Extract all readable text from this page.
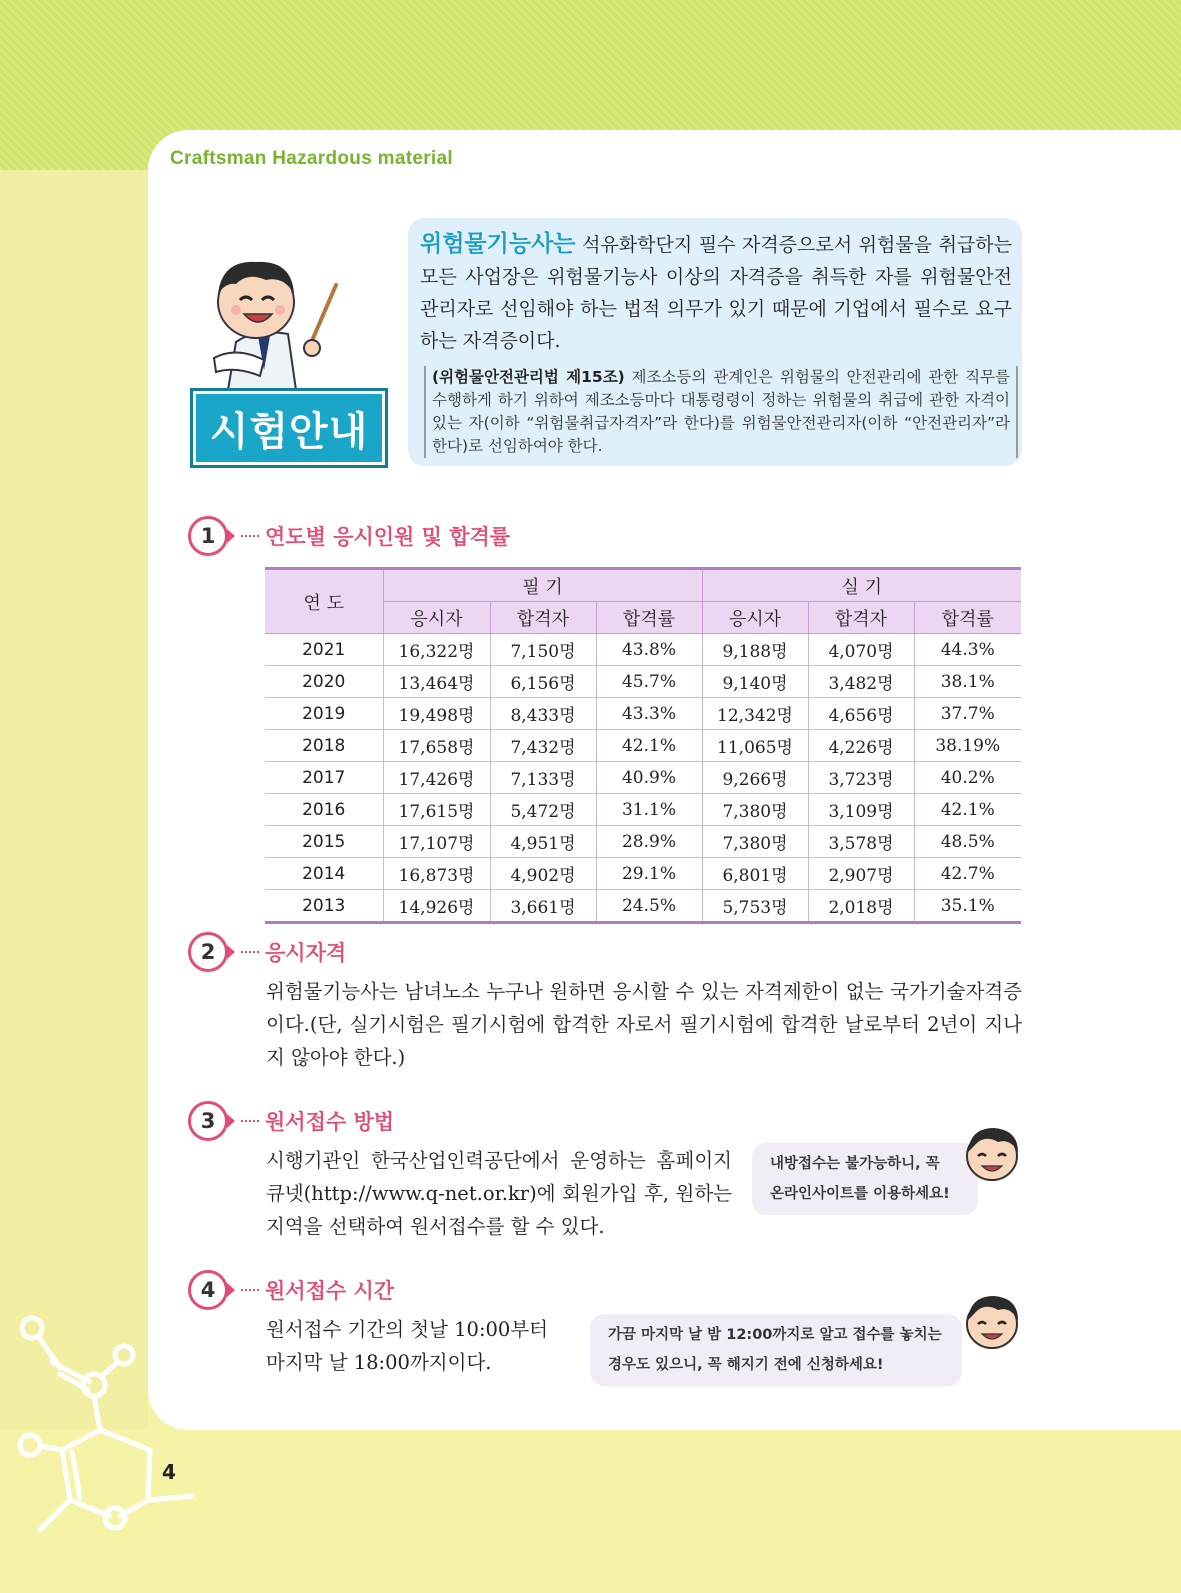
Craftsman Hazardous material
4
시험안내
위험물기능사는 석유화학단지 필수 자격증으로서 위험물을 취급하는 모든 사업장은 위험물기능사 이상의 자격증을 취득한 자를 위험물안전관리자로 선임해야 하는 법적 의무가 있기 때문에 기업에서 필수로 요구하는 자격증이다.
(위험물안전관리법 제15조) 제조소등의 관계인은 위험물의 안전관리에 관한 직무를 수행하게 하기 위하여 제조소등마다 대통령령이 정하는 위험물의 취급에 관한 자격이 있는 자(이하 “위험물취급자격자”라 한다)를 위험물안전관리자(이하 “안전관리자”라 한다)로 선임하여야 한다.
1	연도별 응시인원 및 합격률
연 도	필 기			실 기		
	응시자	합격자	합격률	응시자	합격자	합격률
2021	16,322명	7,150명	43.8%	9,188명	4,070명	44.3%
2020	13,464명	6,156명	45.7%	9,140명	3,482명	38.1%
2019	19,498명	8,433명	43.3%	12,342명	4,656명	37.7%
2018	17,658명	7,432명	42.1%	11,065명	4,226명	38.19%
2017	17,426명	7,133명	40.9%	9,266명	3,723명	40.2%
2016	17,615명	5,472명	31.1%	7,380명	3,109명	42.1%
2015	17,107명	4,951명	28.9%	7,380명	3,578명	48.5%
2014	16,873명	4,902명	29.1%	6,801명	2,907명	42.7%
2013	14,926명	3,661명	24.5%	5,753명	2,018명	35.1%
2	응시자격
위험물기능사는 남녀노소 누구나 원하면 응시할 수 있는 자격제한이 없는 국가기술자격증이다.(단, 실기시험은 필기시험에 합격한 자로서 필기시험에 합격한 날로부터 2년이 지나지 않아야 한다.)
3	원서접수 방법
시행기관인 한국산업인력공단에서 운영하는 홈페이지 큐넷(http://www.q-net.or.kr)에 회원가입 후, 원하는 지역을 선택하여 원서접수를 할 수 있다.
내방접수는 불가능하니, 꼭
온라인사이트를 이용하세요!
4	원서접수 시간
원서접수 기간의 첫날 10:00부터
마지막 날 18:00까지이다.
가끔 마지막 날 밤 12:00까지로 알고 접수를 놓치는
경우도 있으니, 꼭 해지기 전에 신청하세요!
